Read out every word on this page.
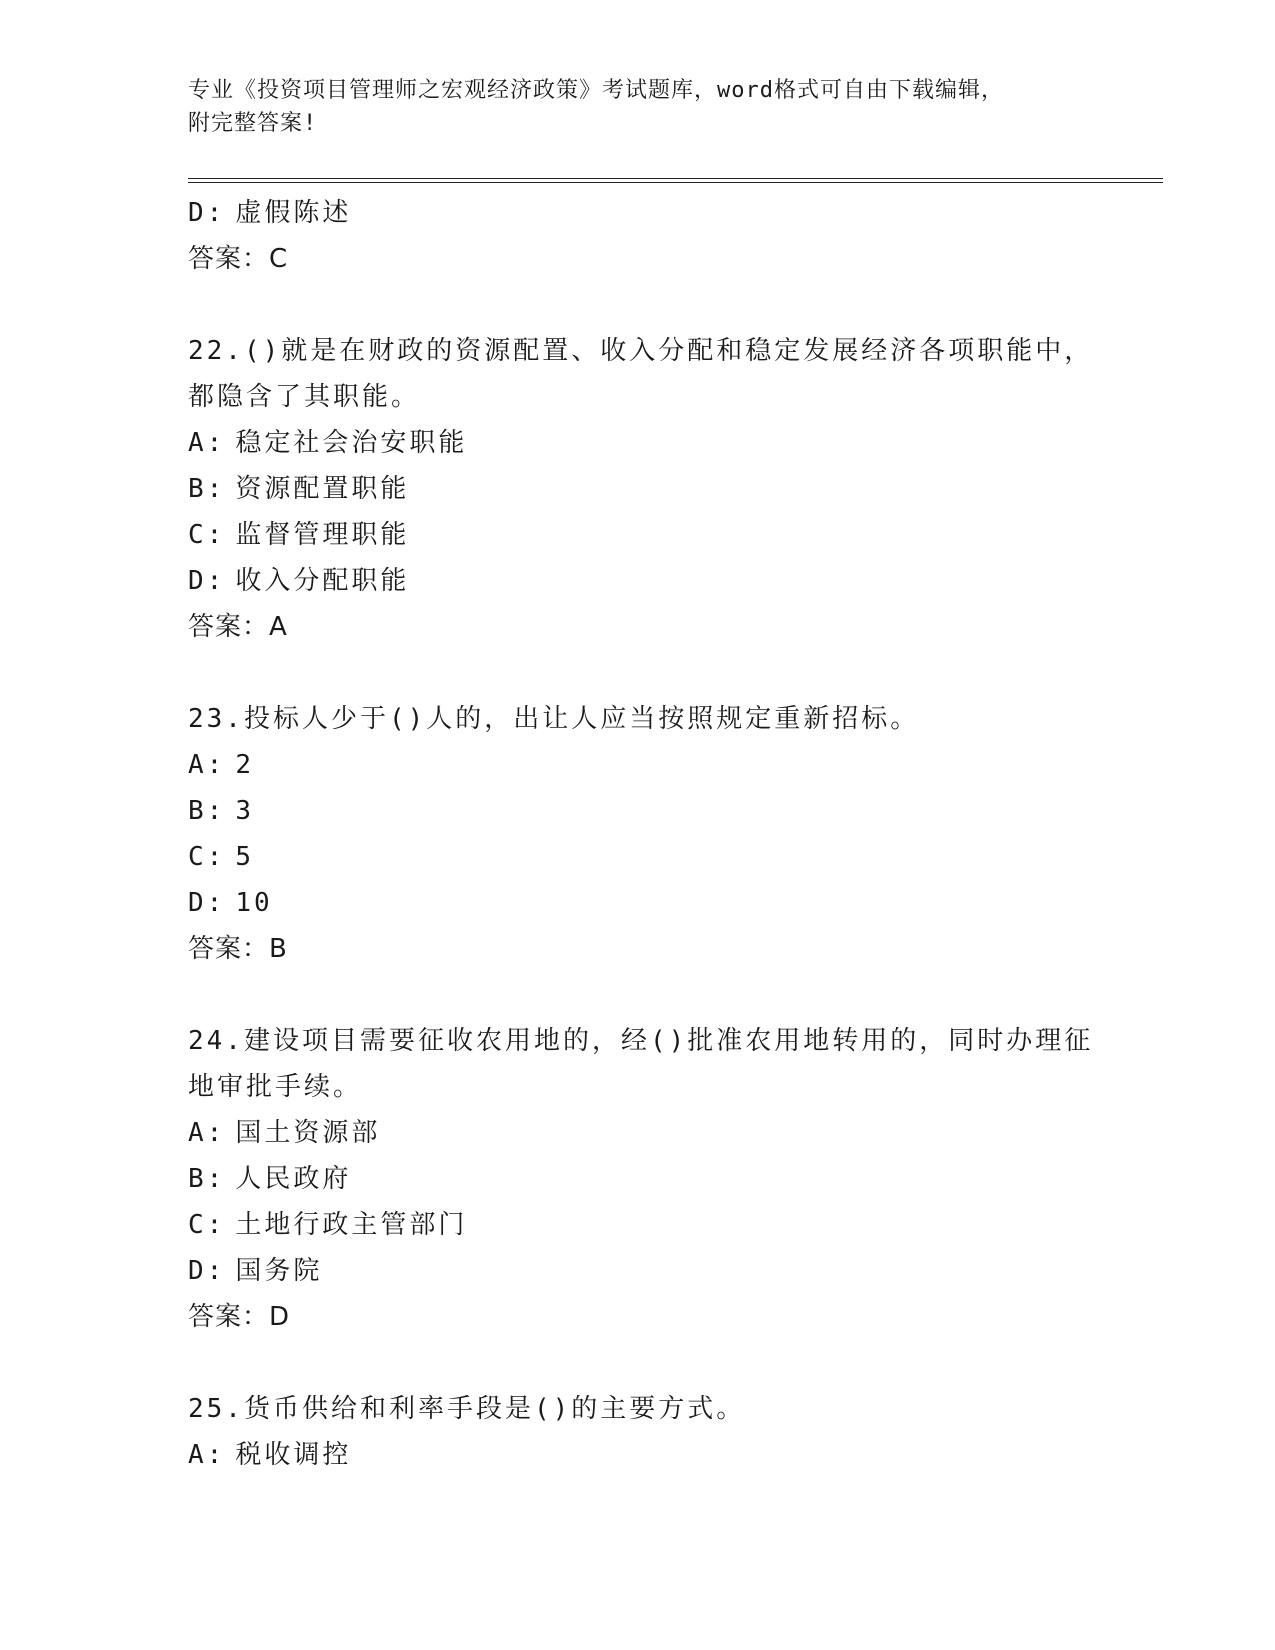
专业《投资项目管理师之宏观经济政策》考试题库，word格式可自由下载编辑，
附完整答案!
D: 虚假陈述
答案：C
22.()就是在财政的资源配置、收入分配和稳定发展经济各项职能中，
都隐含了其职能。
A: 稳定社会治安职能
B: 资源配置职能
C: 监督管理职能
D: 收入分配职能
答案：A
23.投标人少于()人的，出让人应当按照规定重新招标。
A: 2
B: 3
C: 5
D: 10
答案：B
24.建设项目需要征收农用地的，经()批准农用地转用的，同时办理征
地审批手续。
A: 国土资源部
B: 人民政府
C: 土地行政主管部门
D: 国务院
答案：D
25.货币供给和利率手段是()的主要方式。
A: 税收调控
